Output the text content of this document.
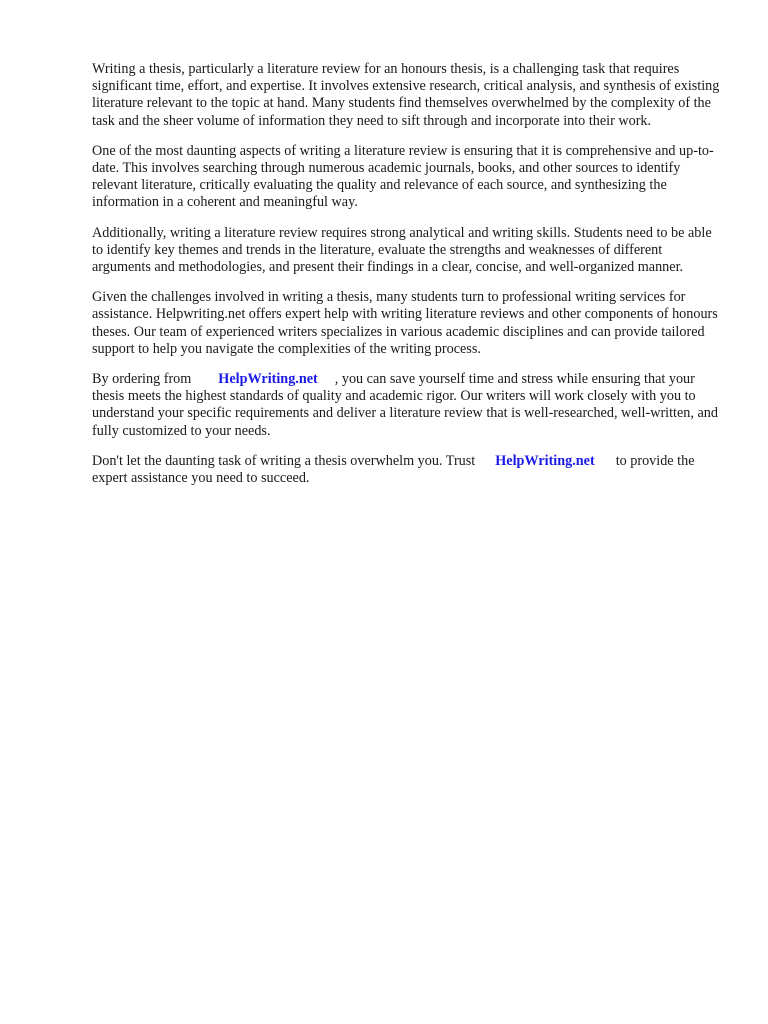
Writing a thesis, particularly a literature review for an honours thesis, is a challenging task that requires significant time, effort, and expertise. It involves extensive research, critical analysis, and synthesis of existing literature relevant to the topic at hand. Many students find themselves overwhelmed by the complexity of the task and the sheer volume of information they need to sift through and incorporate into their work.

One of the most daunting aspects of writing a literature review is ensuring that it is comprehensive and up-to-date. This involves searching through numerous academic journals, books, and other sources to identify relevant literature, critically evaluating the quality and relevance of each source, and synthesizing the information in a coherent and meaningful way.

Additionally, writing a literature review requires strong analytical and writing skills. Students need to be able to identify key themes and trends in the literature, evaluate the strengths and weaknesses of different arguments and methodologies, and present their findings in a clear, concise, and well-organized manner.

Given the challenges involved in writing a thesis, many students turn to professional writing services for assistance. Helpwriting.net offers expert help with writing literature reviews and other components of honours theses. Our team of experienced writers specializes in various academic disciplines and can provide tailored support to help you navigate the complexities of the writing process.

By ordering from HelpWriting.net , you can save yourself time and stress while ensuring that your thesis meets the highest standards of quality and academic rigor. Our writers will work closely with you to understand your specific requirements and deliver a literature review that is well-researched, well-written, and fully customized to your needs.

Don't let the daunting task of writing a thesis overwhelm you. Trust HelpWriting.net to provide the expert assistance you need to succeed.
